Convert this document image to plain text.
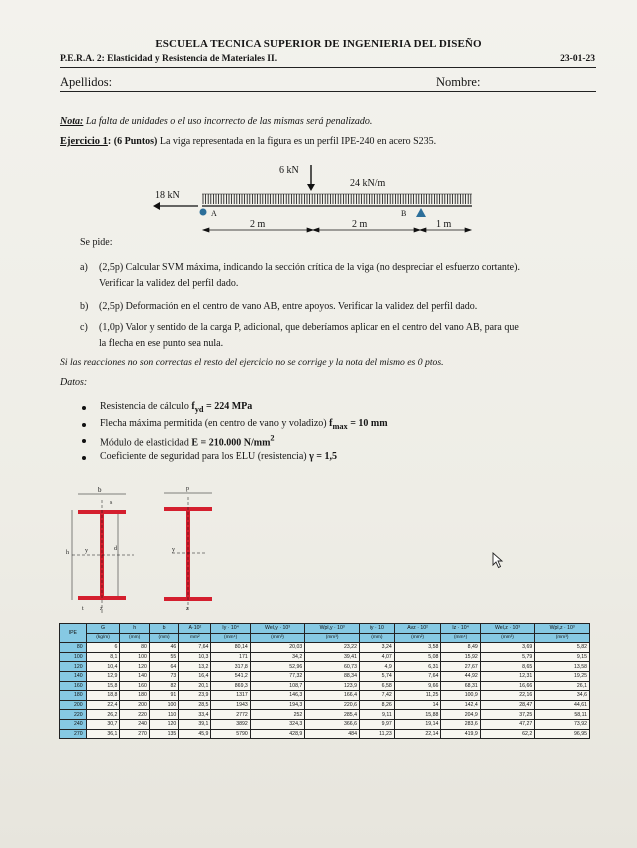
ESCUELA TECNICA SUPERIOR DE INGENIERIA DEL DISEÑO
P.E.R.A. 2: Elasticidad y Resistencia de Materiales II.	23-01-23
Apellidos:	Nombre:
Nota: La falta de unidades o el uso incorrecto de las mismas será penalizado.
Ejercicio 1: (6 Puntos) La viga representada en la figura es un perfil IPE-240 en acero S235.
6 kN
24 kN/m
18 kN
A	B
2 m	2 m	1 m
Se pide:
a) (2,5p) Calcular SVM máxima, indicando la sección crítica de la viga (no despreciar el esfuerzo cortante).
Verificar la validez del perfil dado.
b) (2,5p) Deformación en el centro de vano AB, entre apoyos. Verificar la validez del perfil dado.
c) (1,0p) Valor y sentido de la carga P, adicional, que deberíamos aplicar en el centro del vano AB, para que
la flecha en ese punto sea nula.
Si las reacciones no son correctas el resto del ejercicio no se corrige y la nota del mismo es 0 ptos.
Datos:
Resistencia de cálculo $f_{yd} = 224$ MPa
Flecha máxima permitida (en centro de vano y voladizo) $f_{max} = 10$ mm
Módulo de elasticidad E = 210.000 $N/mm^2$
Coeficiente de seguridad para los ELU (resistencia) γ = 1,5
b
s
h
d
y
z
t
p
y
z
IPE	G	h	b	A·10²	Iy · 10⁴	Wel,y · 10³	Wpl,y · 10³	iy · 10	Avz · 10²	Iz · 10⁴	Wel,z · 10³	Wpl,z · 10³
	(kg/m)	(mm)	(mm)	mm²	(mm⁴)	(mm³)	(mm³)	(mm)	(mm²)	(mm⁴)	(mm³)	(mm³)
80	6	80	46	7,64	80,14	20,03	23,22	3,24	3,58	8,49	3,69	5,82
100	8,1	100	55	10,3	171	34,2	39,41	4,07	5,08	15,92	5,79	9,15
120	10,4	120	64	13,2	317,8	52,96	60,73	4,9	6,31	27,67	8,65	13,58
140	12,9	140	73	16,4	541,2	77,32	88,34	5,74	7,64	44,92	12,31	19,25
160	15,8	160	82	20,1	869,3	108,7	123,9	6,58	9,66	68,31	16,66	26,1
180	18,8	180	91	23,9	1317	146,3	166,4	7,42	11,25	100,9	22,16	34,6
200	22,4	200	100	28,5	1943	194,3	220,6	8,26	14	142,4	28,47	44,61
220	26,2	220	110	33,4	2772	252	285,4	9,11	15,88	204,9	37,25	58,11
240	30,7	240	120	39,1	3892	324,3	366,6	9,97	19,14	283,6	47,27	73,92
270	36,1	270	135	45,9	5790	428,9	484	11,23	22,14	419,9	62,2	96,95
